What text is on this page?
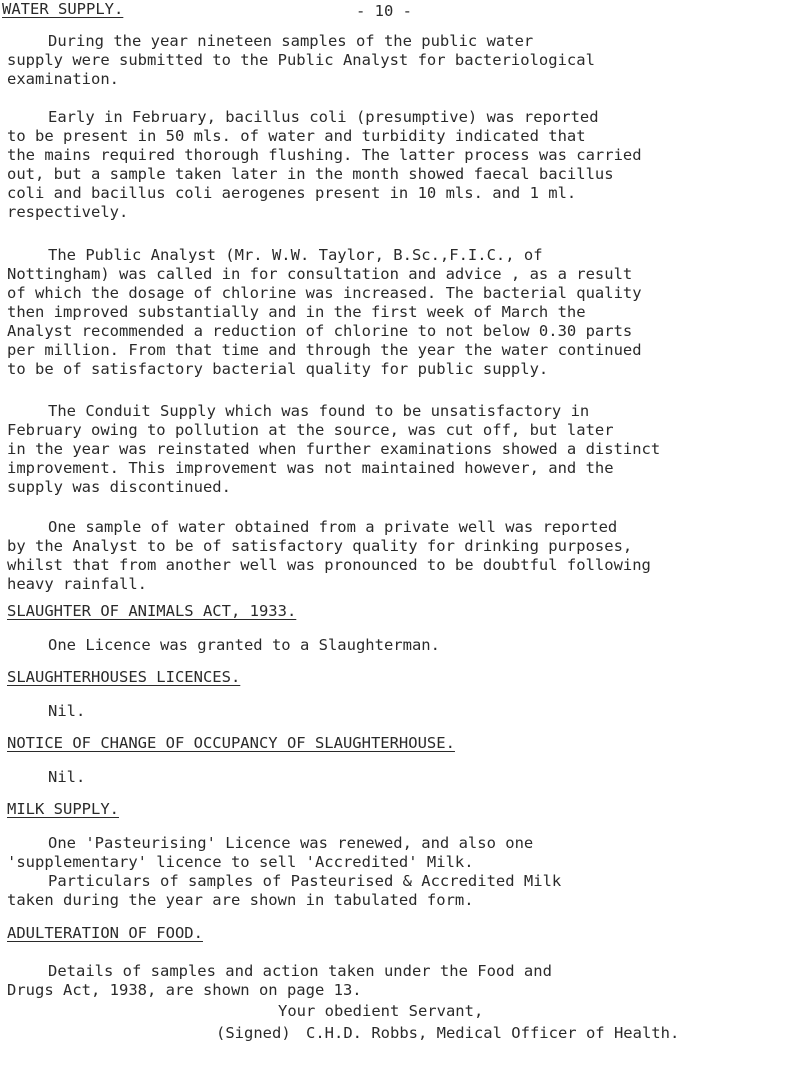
WATER SUPPLY.	- 10 -

During the year nineteen samples of the public water
supply were submitted to the Public Analyst for bacteriological
examination.
Early in February, bacillus coli (presumptive) was reported
to be present in 50 mls. of water and turbidity indicated that
the mains required thorough flushing. The latter process was carried
out, but a sample taken later in the month showed faecal bacillus
coli and bacillus coli aerogenes present in 10 mls. and 1 ml.
respectively.
The Public Analyst (Mr. W.W. Taylor, B.Sc.,F.I.C., of
Nottingham) was called in for consultation and advice , as a result
of which the dosage of chlorine was increased. The bacterial quality
then improved substantially and in the first week of March the
Analyst recommended a reduction of chlorine to not below 0.30 parts
per million. From that time and through the year the water continued
to be of satisfactory bacterial quality for public supply.
The Conduit Supply which was found to be unsatisfactory in
February owing to pollution at the source, was cut off, but later
in the year was reinstated when further examinations showed a distinct
improvement. This improvement was not maintained however, and the
supply was discontinued.
One sample of water obtained from a private well was reported
by the Analyst to be of satisfactory quality for drinking purposes,
whilst that from another well was pronounced to be doubtful following
heavy rainfall.

SLAUGHTER OF ANIMALS ACT, 1933.

One Licence was granted to a Slaughterman.

SLAUGHTERHOUSES LICENCES.

Nil.

NOTICE OF CHANGE OF OCCUPANCY OF SLAUGHTERHOUSE.

Nil.

MILK SUPPLY.

One 'Pasteurising' Licence was renewed, and also one
'supplementary' licence to sell 'Accredited' Milk.
Particulars of samples of Pasteurised & Accredited Milk
taken during the year are shown in tabulated form.

ADULTERATION OF FOOD.

Details of samples and action taken under the Food and
Drugs Act, 1938, are shown on page 13.

Your obedient Servant,

(Signed) C.H.D. Robbs, Medical Officer of Health.
